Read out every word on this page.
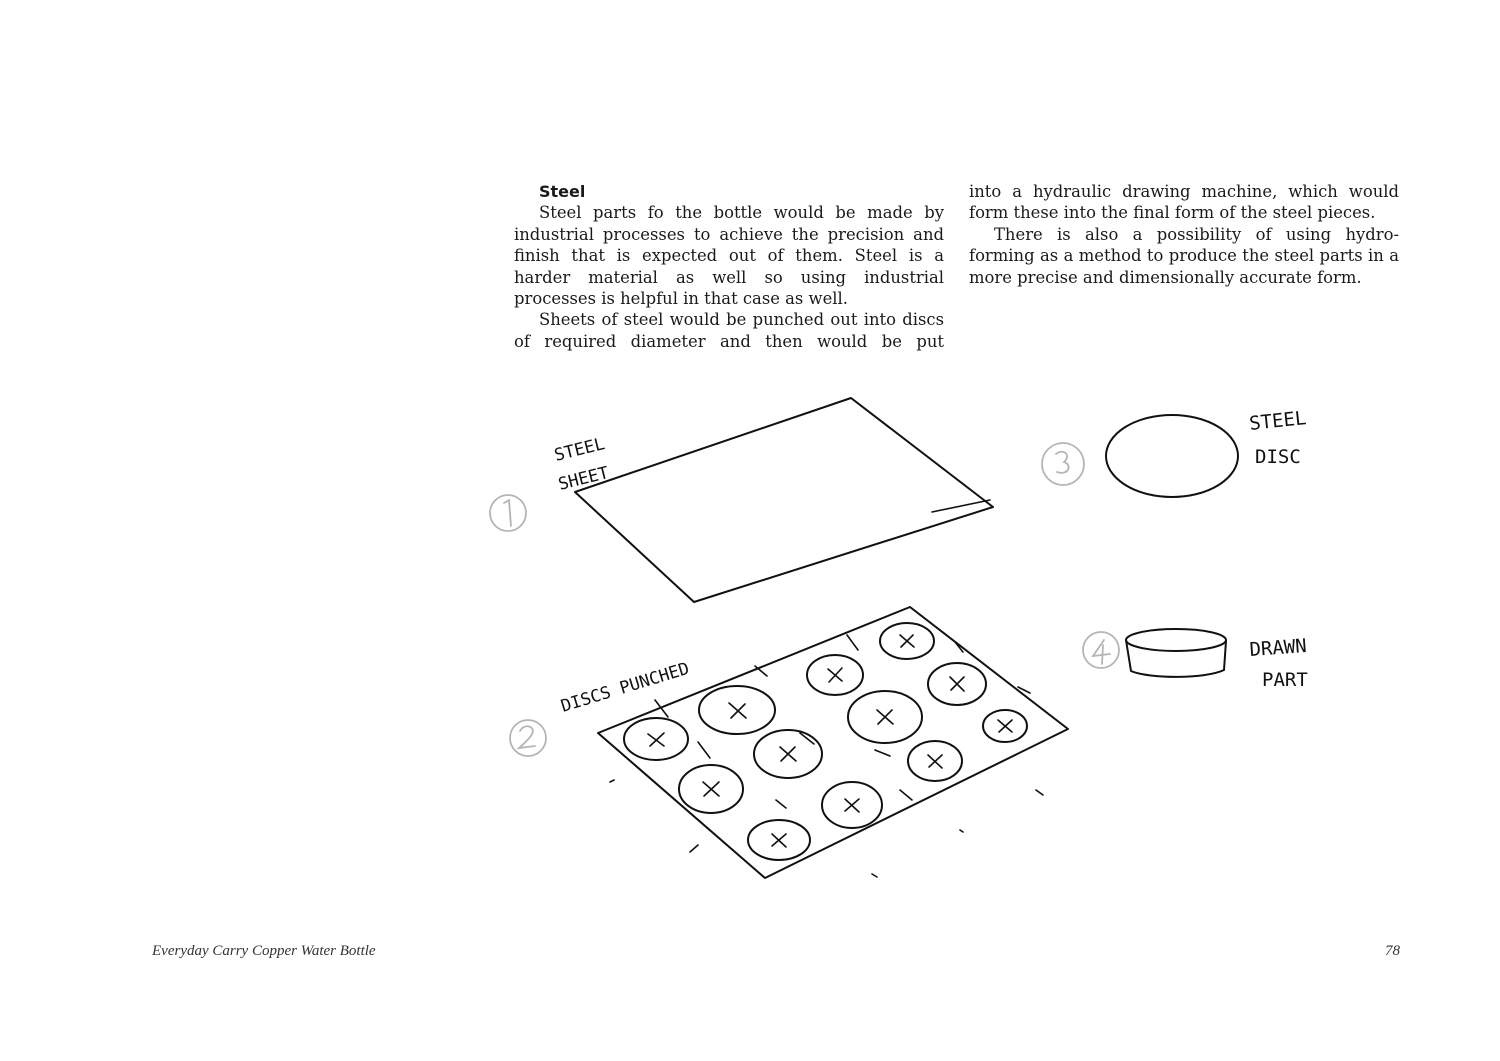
Steel

Steel parts fo the bottle would be made by industrial processes to achieve the precision and finish that is expected out of them. Steel is a harder material as well so using industrial processes is helpful in that case as well.

Sheets of steel would be punched out into discs of required diameter and then would be put

into a hydraulic drawing machine, which would form these into the final form of the steel pieces.

There is also a possibility of using hydro-forming as a method to produce the steel parts in a more precise and dimensionally accurate form.

STEEL
SHEET
DISCS PUNCHED
STEEL
DISC
DRAWN
PART
Everyday Carry Copper Water Bottle	78
